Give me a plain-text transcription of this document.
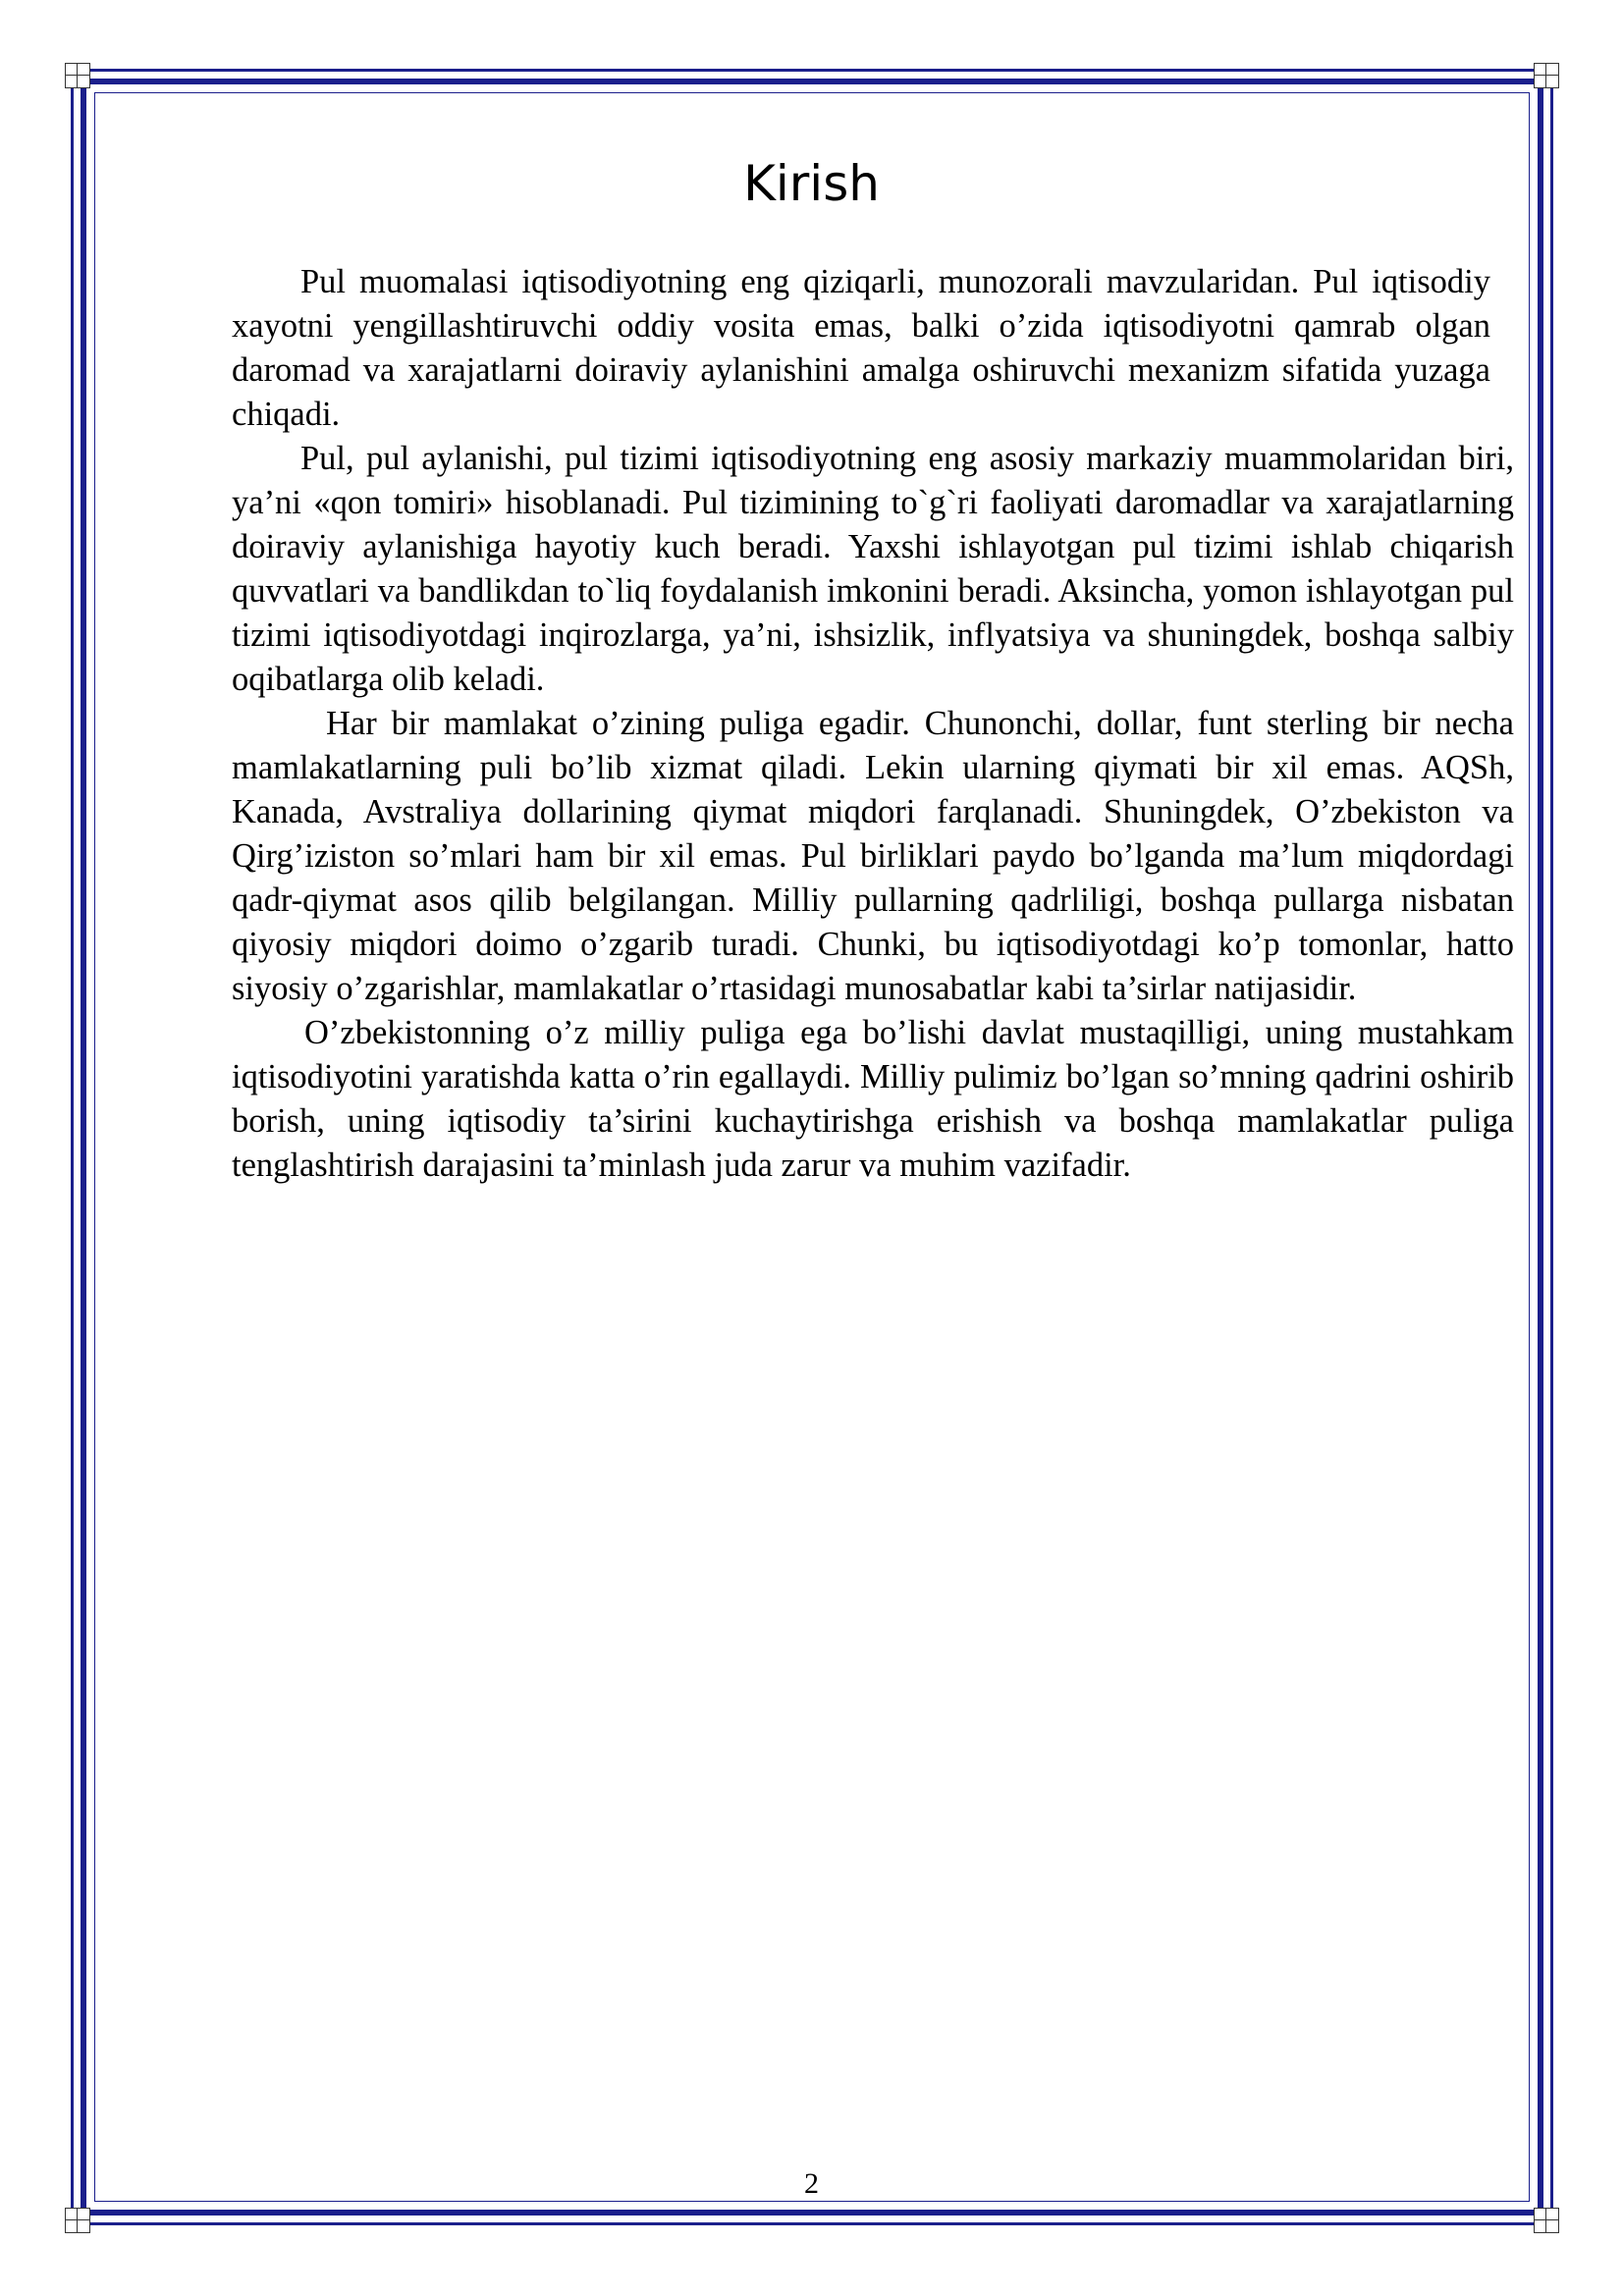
Kirish

Pul muomalasi iqtisodiyotning eng qiziqarli, munozorali mavzularidan. Pul iqtisodiy xayotni yengillashtiruvchi oddiy vosita emas, balki o’zida iqtisodiyotni qamrab olgan daromad va xarajatlarni doiraviy aylanishini amalga oshiruvchi mexanizm sifatida yuzaga chiqadi.

Pul, pul aylanishi, pul tizimi iqtisodiyotning eng asosiy markaziy muammolaridan biri, ya’ni «qon tomiri» hisoblanadi. Pul tizimining to`g`ri faoliyati daromadlar va xarajatlarning doiraviy aylanishiga hayotiy kuch beradi. Yaxshi ishlayotgan pul tizimi ishlab chiqarish quvvatlari va bandlikdan to`liq foydalanish imkonini beradi. Aksincha, yomon ishlayotgan pul tizimi iqtisodiyotdagi inqirozlarga, ya’ni, ishsizlik, inflyatsiya va shuningdek, boshqa salbiy oqibatlarga olib keladi.

Har bir mamlakat o’zining puliga egadir. Chunonchi, dollar, funt sterling bir necha mamlakatlarning puli bo’lib xizmat qiladi. Lekin ularning qiymati bir xil emas. AQSh, Kanada, Avstraliya dollarining qiymat miqdori farqlanadi. Shuningdek, O’zbekiston va Qirg’iziston so’mlari ham bir xil emas. Pul birliklari paydo bo’lganda ma’lum miqdordagi qadr-qiymat asos qilib belgilangan. Milliy pullarning qadrliligi, boshqa pullarga nisbatan qiyosiy miqdori doimo o’zgarib turadi. Chunki, bu iqtisodiyotdagi ko’p tomonlar, hatto siyosiy o’zgarishlar, mamlakatlar o’rtasidagi munosabatlar kabi ta’sirlar natijasidir.

O’zbekistonning o’z milliy puliga ega bo’lishi davlat mustaqilligi, uning mustahkam iqtisodiyotini yaratishda katta o’rin egallaydi. Milliy pulimiz bo’lgan so’mning qadrini oshirib borish, uning iqtisodiy ta’sirini kuchaytirishga erishish va boshqa mamlakatlar puliga tenglashtirish darajasini ta’minlash juda zarur va muhim vazifadir.

2
